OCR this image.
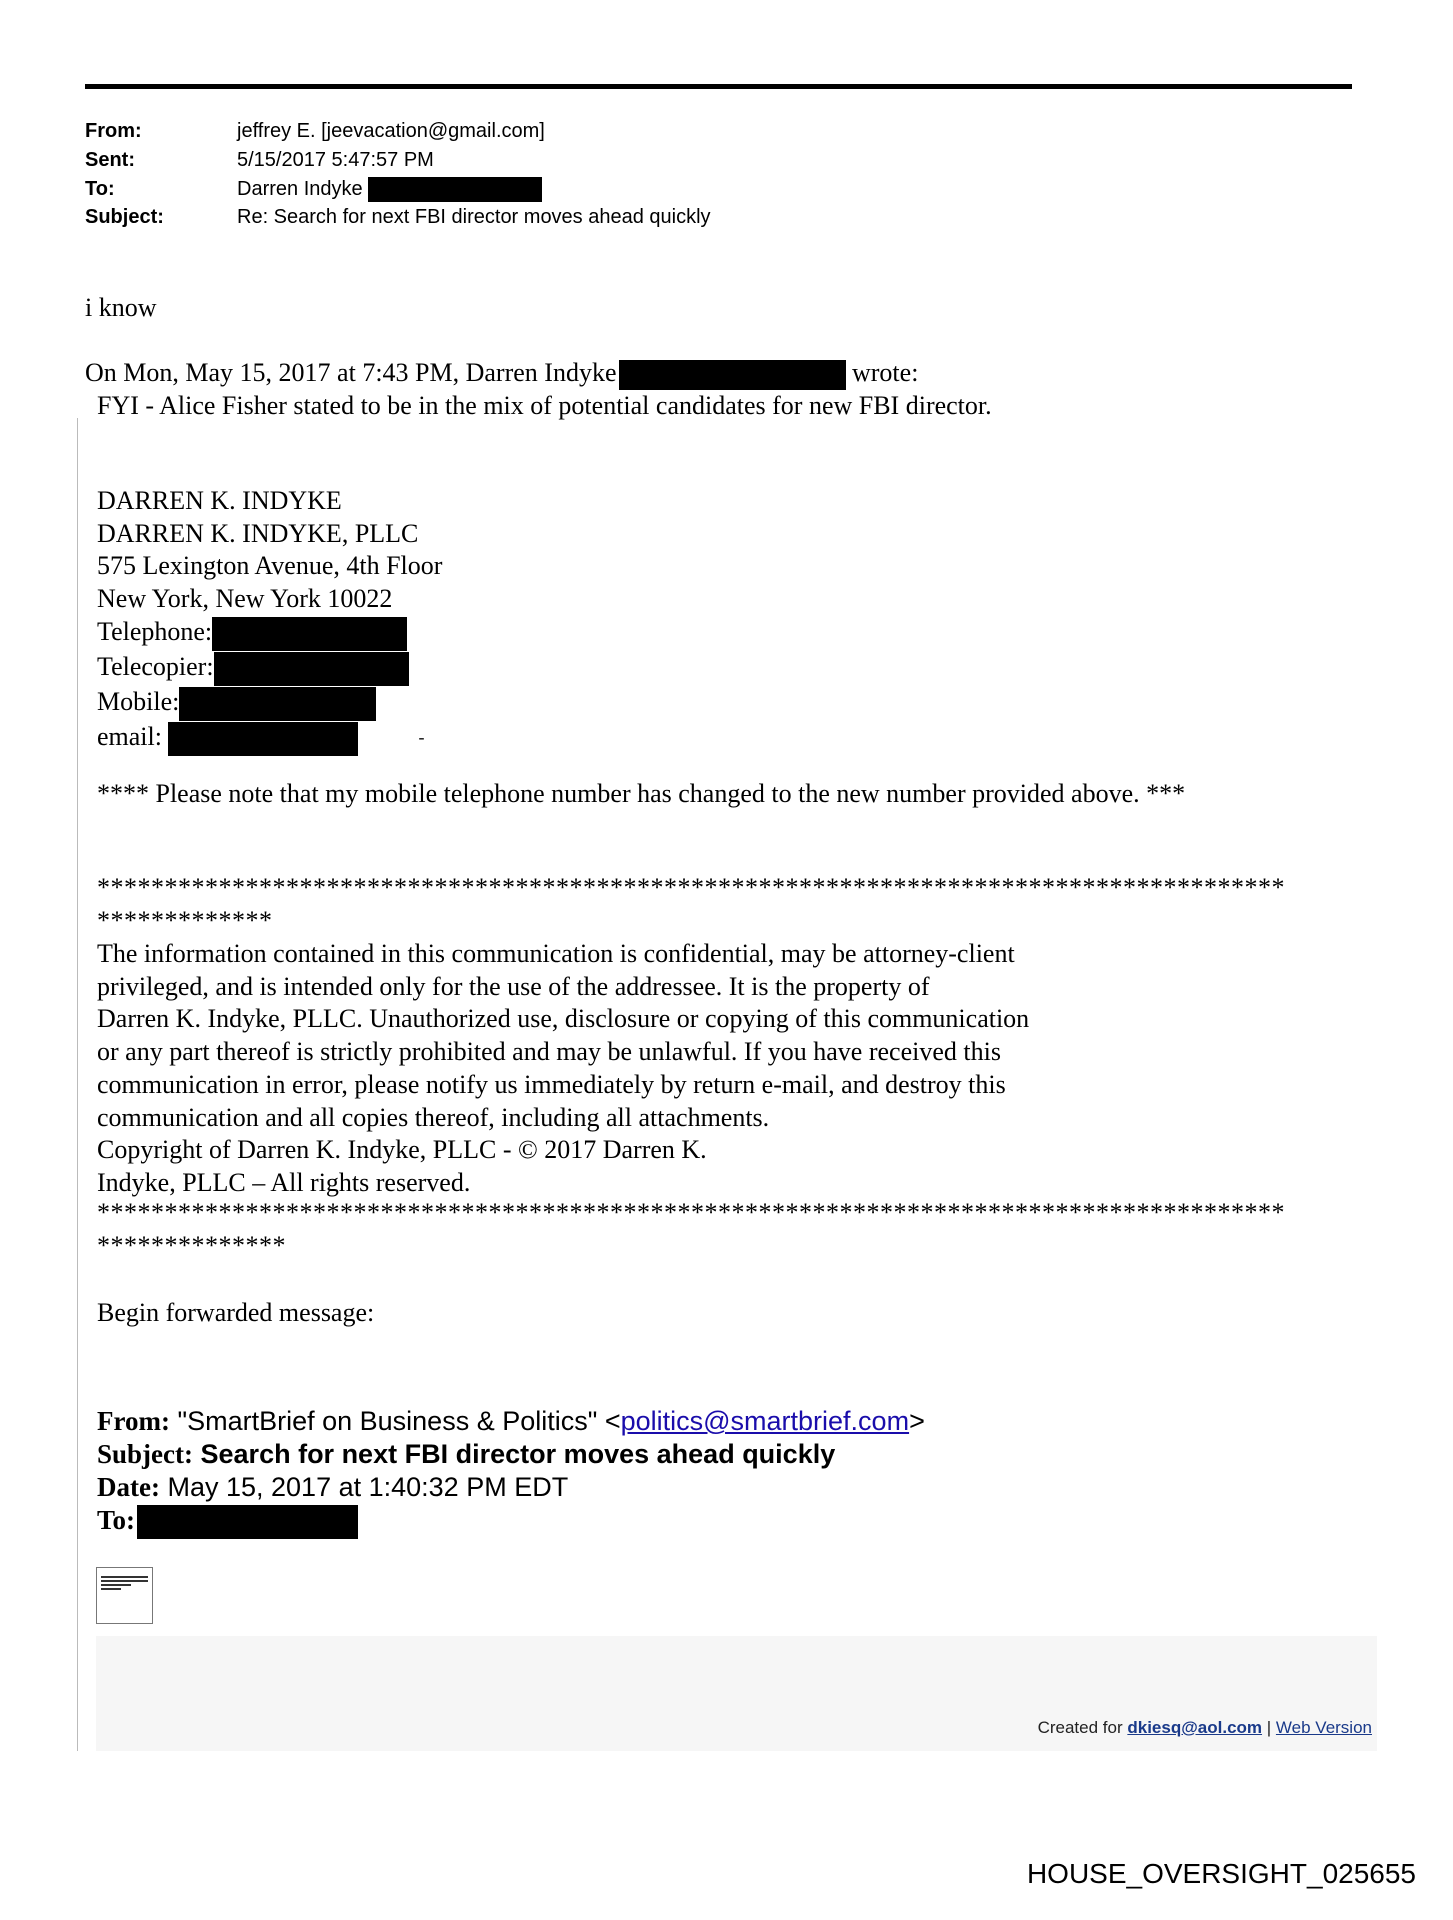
From:	jeffrey E. [jeevacation@gmail.com]
Sent:	5/15/2017 5:47:57 PM
To:	Darren Indyke
Subject:	Re: Search for next FBI director moves ahead quickly
i know
On Mon, May 15, 2017 at 7:43 PM, Darren Indyke	wrote:
FYI - Alice Fisher stated to be in the mix of potential candidates for new FBI director.
DARREN K. INDYKE
DARREN K. INDYKE, PLLC
575 Lexington Avenue, 4th Floor
New York, New York 10022
Telephone:
Telecopier:
Mobile:
email:	-
**** Please note that my mobile telephone number has changed to the new number provided above. ***
****************************************************************************************
*************
The information contained in this communication is confidential, may be attorney-client
privileged, and is intended only for the use of the addressee. It is the property of
Darren K. Indyke, PLLC. Unauthorized use, disclosure or copying of this communication
or any part thereof is strictly prohibited and may be unlawful. If you have received this
communication in error, please notify us immediately by return e-mail, and destroy this
communication and all copies thereof, including all attachments.
Copyright of Darren K. Indyke, PLLC - © 2017 Darren K.
Indyke, PLLC – All rights reserved.
****************************************************************************************
**************
Begin forwarded message:
From: "SmartBrief on Business & Politics" <politics@smartbrief.com>
Subject: Search for next FBI director moves ahead quickly
Date: May 15, 2017 at 1:40:32 PM EDT
To:
Created for dkiesq@aol.com | Web Version
HOUSE_OVERSIGHT_025655
